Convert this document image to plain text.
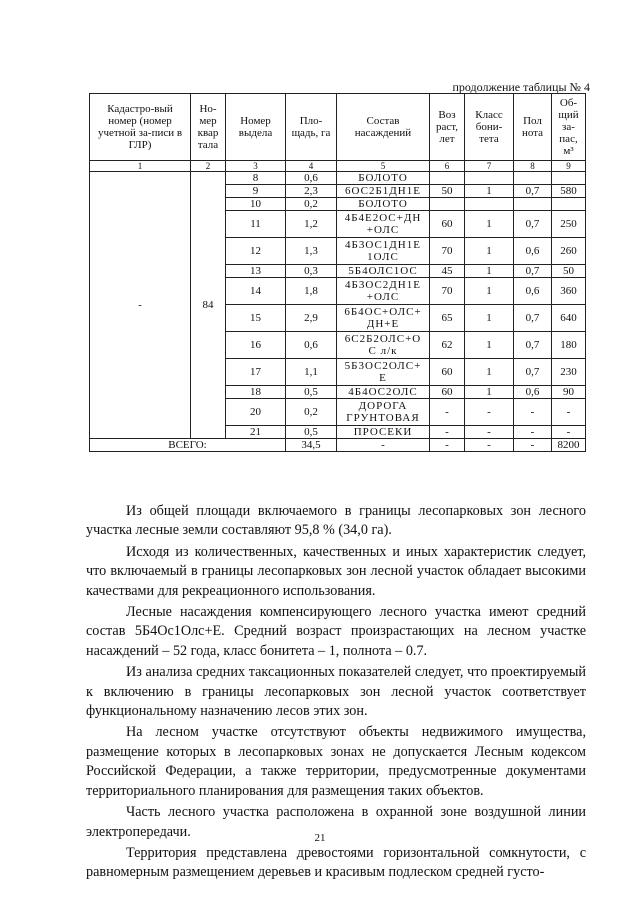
продолжение таблицы № 4
Кадастро-вый номер (номер учетной за-писи в ГЛР)	Но-мер квар тала	Номер выдела	Пло-щадь, га	Состав насаждений	Воз раст, лет	Класс бони-тета	Пол нота	Об-щий за-пас, м³
1	2	3	4	5	6	7	8	9
-	84	8	0,6	БОЛОТО				
		9	2,3	6ОС2Б1ДН1Е	50	1	0,7	580
		10	0,2	БОЛОТО				
		11	1,2	4Б4Е2ОС+ДН +ОЛС	60	1	0,7	250
		12	1,3	4Б3ОС1ДН1Е 1ОЛС	70	1	0,6	260
		13	0,3	5Б4ОЛС1ОС	45	1	0,7	50
		14	1,8	4Б3ОС2ДН1Е +ОЛС	70	1	0,6	360
		15	2,9	6Б4ОС+ОЛС+ ДН+Е	65	1	0,7	640
		16	0,6	6С2Б2ОЛС+О С л/к	62	1	0,7	180
		17	1,1	5Б3ОС2ОЛС+ Е	60	1	0,7	230
		18	0,5	4Б4ОС2ОЛС	60	1	0,6	90
		20	0,2	ДОРОГА ГРУНТОВАЯ	-	-	-	-
		21	0,5	ПРОСЕКИ	-	-	-	-
ВСЕГО:			34,5	-	-	-	-	8200

Из общей площади включаемого в границы лесопарковых зон лесного участка лесные земли составляют 95,8 % (34,0 га).

Исходя из количественных, качественных и иных характеристик следует, что включаемый в границы лесопарковых зон лесной участок обладает высокими качествами для рекреационного использования.

Лесные насаждения компенсирующего лесного участка имеют средний состав 5Б4Ос1Олс+Е. Средний возраст произрастающих на лесном участке насаждений – 52 года, класс бонитета – 1, полнота – 0.7.

Из анализа средних таксационных показателей следует, что проектируемый к включению в границы лесопарковых зон лесной участок соответствует функциональному назначению лесов этих зон.

На лесном участке отсутствуют объекты недвижимого имущества, размещение которых в лесопарковых зонах не допускается Лесным кодексом Российской Федерации, а также территории, предусмотренные документами территориального планирования для размещения таких объектов.

Часть лесного участка расположена в охранной зоне воздушной линии электропередачи.

Территория представлена древостоями горизонтальной сомкнутости, с равномерным размещением деревьев и красивым подлеском средней густо-

21
